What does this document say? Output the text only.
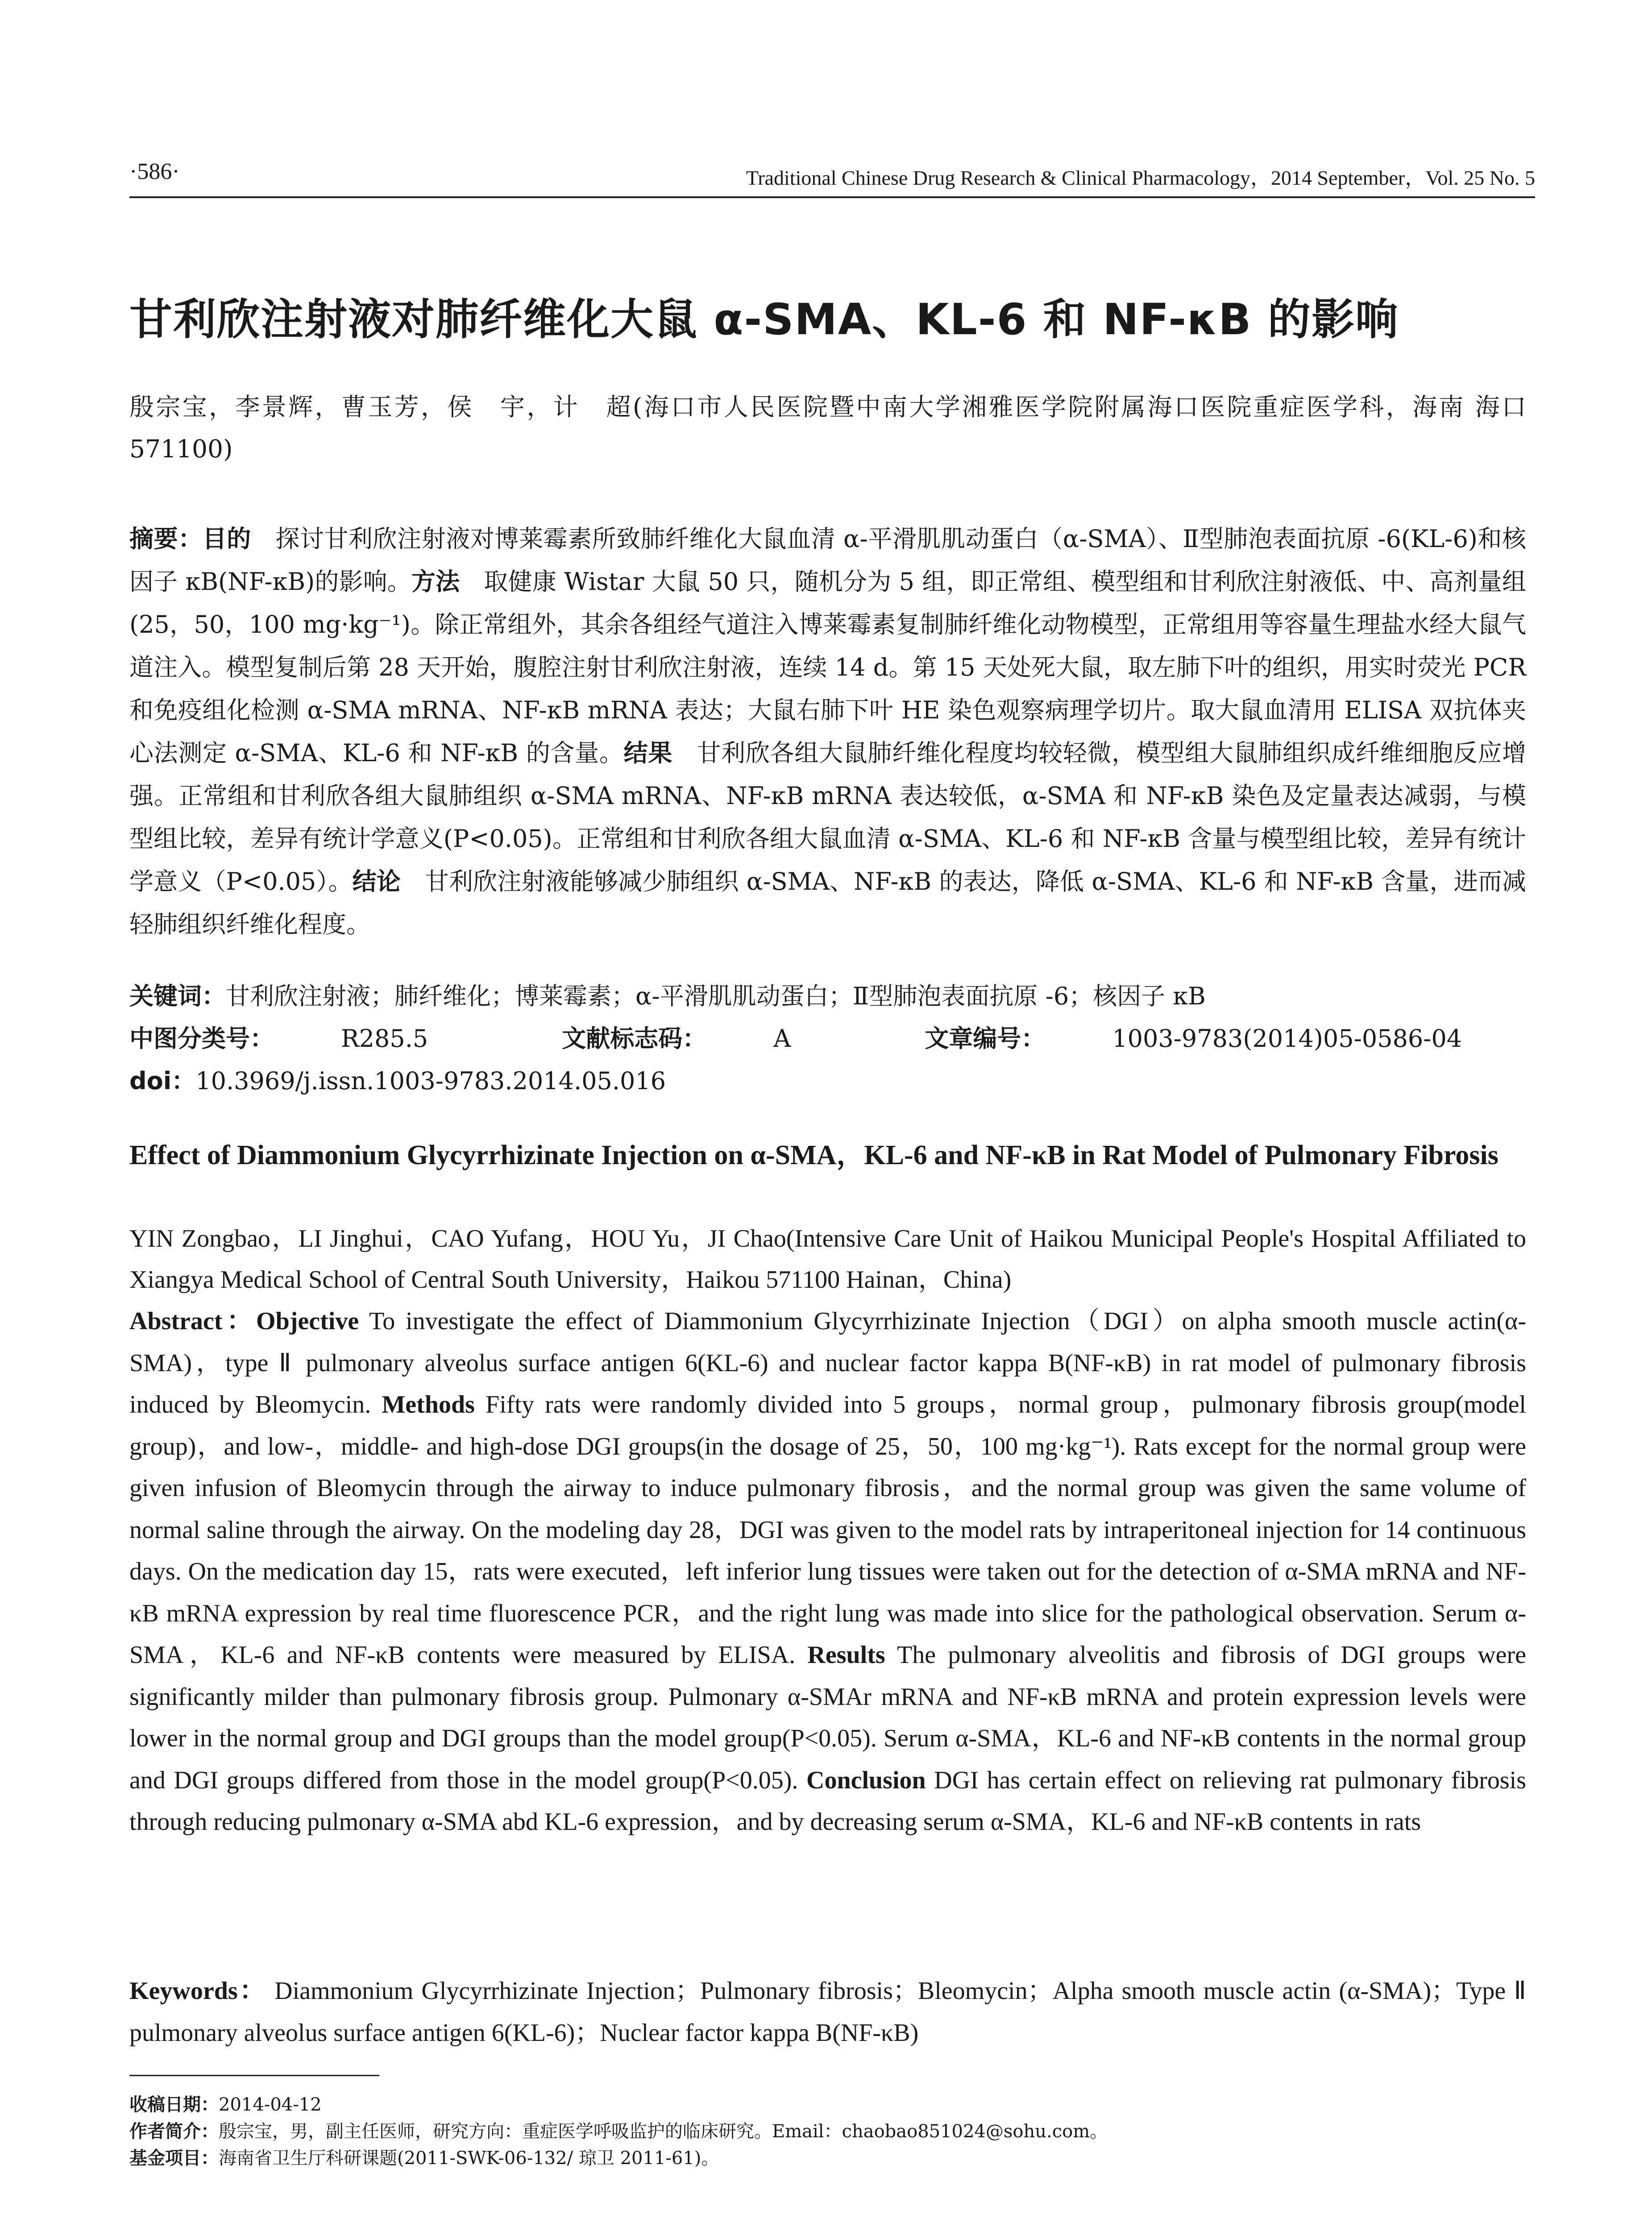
·586·	Traditional Chinese Drug Research & Clinical Pharmacology，2014 September，Vol. 25 No. 5
甘利欣注射液对肺纤维化大鼠 α-SMA、KL-6 和 NF-κB 的影响
殷宗宝，李景辉，曹玉芳，侯　宇，计　超(海口市人民医院暨中南大学湘雅医学院附属海口医院重症医学科，海南 海口 571100)
摘要：目的　探讨甘利欣注射液对博莱霉素所致肺纤维化大鼠血清 α-平滑肌肌动蛋白（α-SMA）、Ⅱ型肺泡表面抗原 -6(KL-6)和核因子 κB(NF-κB)的影响。方法　取健康 Wistar 大鼠 50 只，随机分为 5 组，即正常组、模型组和甘利欣注射液低、中、高剂量组(25，50，100 mg·kg⁻¹)。除正常组外，其余各组经气道注入博莱霉素复制肺纤维化动物模型，正常组用等容量生理盐水经大鼠气道注入。模型复制后第 28 天开始，腹腔注射甘利欣注射液，连续 14 d。第 15 天处死大鼠，取左肺下叶的组织，用实时荧光 PCR 和免疫组化检测 α-SMA mRNA、NF-κB mRNA 表达；大鼠右肺下叶 HE 染色观察病理学切片。取大鼠血清用 ELISA 双抗体夹心法测定 α-SMA、KL-6 和 NF-κB 的含量。结果　甘利欣各组大鼠肺纤维化程度均较轻微，模型组大鼠肺组织成纤维细胞反应增强。正常组和甘利欣各组大鼠肺组织 α-SMA mRNA、NF-κB mRNA 表达较低，α-SMA 和 NF-κB 染色及定量表达减弱，与模型组比较，差异有统计学意义(P<0.05)。正常组和甘利欣各组大鼠血清 α-SMA、KL-6 和 NF-κB 含量与模型组比较，差异有统计学意义（P<0.05）。结论　甘利欣注射液能够减少肺组织 α-SMA、NF-κB 的表达，降低 α-SMA、KL-6 和 NF-κB 含量，进而减轻肺组织纤维化程度。
关键词：甘利欣注射液；肺纤维化；博莱霉素；α-平滑肌肌动蛋白；Ⅱ型肺泡表面抗原 -6；核因子 κB
中图分类号：	R285.5	文献标志码：	A	文章编号：	1003-9783(2014)05-0586-04
doi：10.3969/j.issn.1003-9783.2014.05.016
Effect of Diammonium Glycyrrhizinate Injection on α-SMA，KL-6 and NF-κB in Rat Model of Pulmonary Fibrosis
YIN Zongbao，LI Jinghui，CAO Yufang，HOU Yu，JI Chao(Intensive Care Unit of Haikou Municipal People's Hospital Affiliated to Xiangya Medical School of Central South University，Haikou 571100 Hainan，China)
Abstract：Objective To investigate the effect of Diammonium Glycyrrhizinate Injection（DGI）on alpha smooth muscle actin(α-SMA)，type Ⅱ pulmonary alveolus surface antigen 6(KL-6) and nuclear factor kappa B(NF-κB) in rat model of pulmonary fibrosis induced by Bleomycin. Methods Fifty rats were randomly divided into 5 groups，normal group，pulmonary fibrosis group(model group)，and low-，middle- and high-dose DGI groups(in the dosage of 25，50，100 mg·kg⁻¹). Rats except for the normal group were given infusion of Bleomycin through the airway to induce pulmonary fibrosis，and the normal group was given the same volume of normal saline through the airway. On the modeling day 28，DGI was given to the model rats by intraperitoneal injection for 14 continuous days. On the medication day 15，rats were executed，left inferior lung tissues were taken out for the detection of α-SMA mRNA and NF-κB mRNA expression by real time fluorescence PCR，and the right lung was made into slice for the pathological observation. Serum α-SMA，KL-6 and NF-κB contents were measured by ELISA. Results The pulmonary alveolitis and fibrosis of DGI groups were significantly milder than pulmonary fibrosis group. Pulmonary α-SMAr mRNA and NF-κB mRNA and protein expression levels were lower in the normal group and DGI groups than the model group(P<0.05). Serum α-SMA，KL-6 and NF-κB contents in the normal group and DGI groups differed from those in the model group(P<0.05). Conclusion DGI has certain effect on relieving rat pulmonary fibrosis through reducing pulmonary α-SMA abd KL-6 expression，and by decreasing serum α-SMA，KL-6 and NF-κB contents in rats
Keywords： Diammonium Glycyrrhizinate Injection；Pulmonary fibrosis；Bleomycin；Alpha smooth muscle actin (α-SMA)；Type Ⅱ pulmonary alveolus surface antigen 6(KL-6)；Nuclear factor kappa B(NF-κB)
收稿日期：2014-04-12
作者简介：殷宗宝，男，副主任医师，研究方向：重症医学呼吸监护的临床研究。Email：chaobao851024@sohu.com。
基金项目：海南省卫生厅科研课题(2011-SWK-06-132/ 琼卫 2011-61)。
